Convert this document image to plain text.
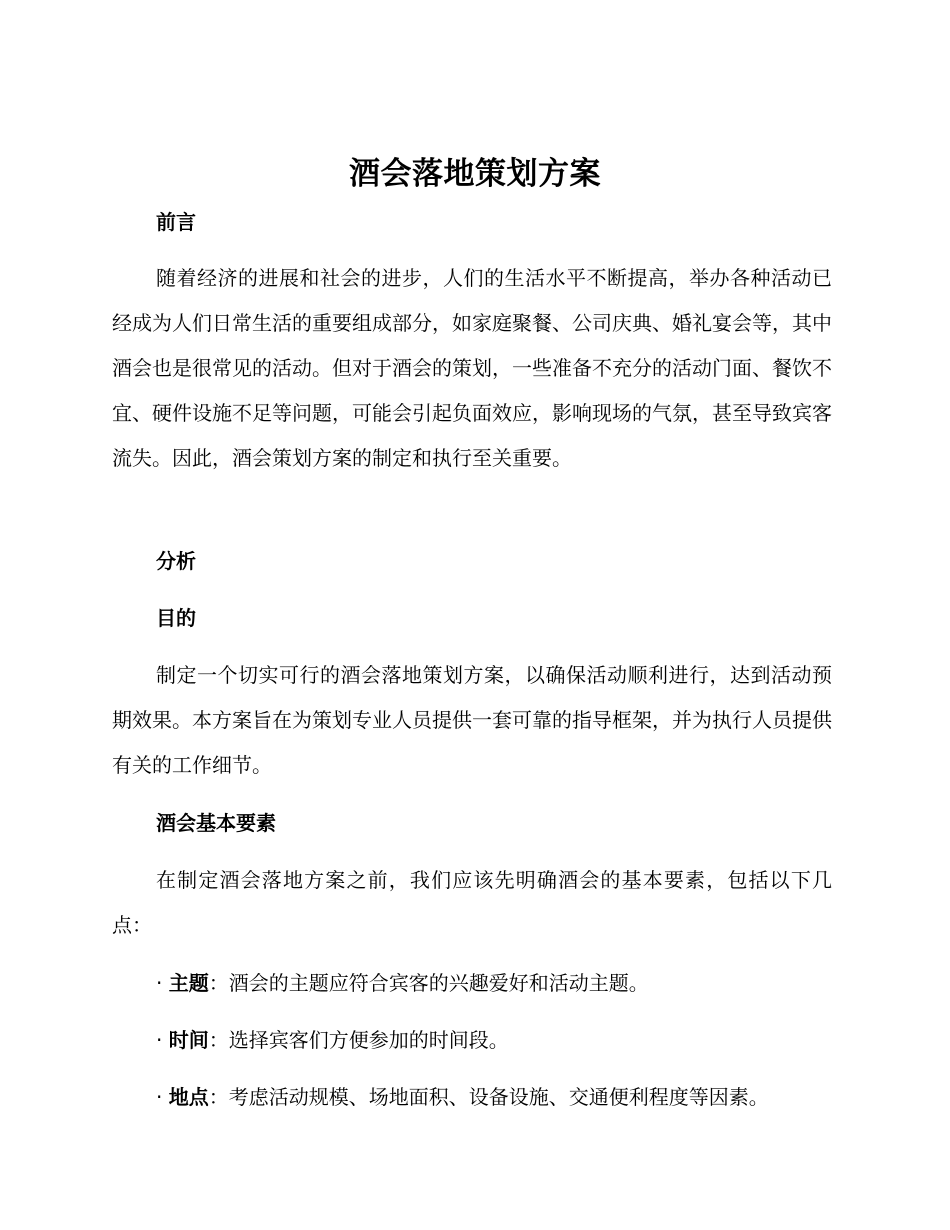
酒会落地策划方案
前言

随着经济的进展和社会的进步，人们的生活水平不断提高，举办各种活动已经成为人们日常生活的重要组成部分，如家庭聚餐、公司庆典、婚礼宴会等，其中酒会也是很常见的活动。但对于酒会的策划，一些准备不充分的活动门面、餐饮不宜、硬件设施不足等问题，可能会引起负面效应，影响现场的气氛，甚至导致宾客流失。因此，酒会策划方案的制定和执行至关重要。

分析
目的

制定一个切实可行的酒会落地策划方案，以确保活动顺利进行，达到活动预期效果。本方案旨在为策划专业人员提供一套可靠的指导框架，并为执行人员提供有关的工作细节。

酒会基本要素

在制定酒会落地方案之前，我们应该先明确酒会的基本要素，包括以下几点：

· 主题：酒会的主题应符合宾客的兴趣爱好和活动主题。
· 时间：选择宾客们方便参加的时间段。
· 地点：考虑活动规模、场地面积、设备设施、交通便利程度等因素。
